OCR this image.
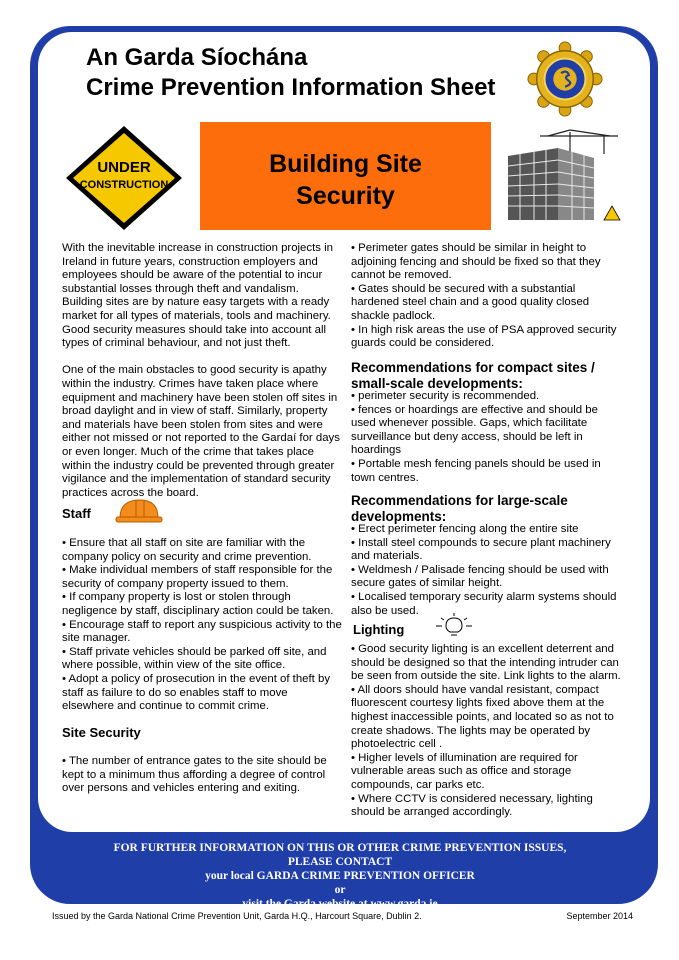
An Garda Síochána
Crime Prevention Information Sheet
UNDER
CONSTRUCTION
Building Site
Security

With the inevitable increase in construction projects in Ireland in future years, construction employers and employees should be aware of the potential to incur substantial losses through theft and vandalism. Building sites are by nature easy targets with a ready market for all types of materials, tools and machinery. Good security measures should take into account all types of criminal behaviour, and not just theft.

One of the main obstacles to good security is apathy within the industry. Crimes have taken place where equipment and machinery have been stolen off sites in broad daylight and in view of staff. Similarly, property and materials have been stolen from sites and were either not missed or not reported to the Gardaí for days or even longer. Much of the crime that takes place within the industry could be prevented through greater vigilance and the implementation of standard security practices across the board.

Staff

• Ensure that all staff on site are familiar with the company policy on security and crime prevention.

• Make individual members of staff responsible for the security of company property issued to them.

• If company property is lost or stolen through negligence by staff, disciplinary action could be taken.

• Encourage staff to report any suspicious activity to the site manager.

• Staff private vehicles should be parked off site, and where possible, within view of the site office.

• Adopt a policy of prosecution in the event of theft by staff as failure to do so enables staff to move elsewhere and continue to commit crime.

Site Security

• The number of entrance gates to the site should be kept to a minimum thus affording a degree of control over persons and vehicles entering and exiting.

• Perimeter gates should be similar in height to adjoining fencing and should be fixed so that they cannot be removed.

• Gates should be secured with a substantial hardened steel chain and a good quality closed shackle padlock.

• In high risk areas the use of PSA approved security guards could be considered.

Recommendations for compact sites / small-scale developments:

• perimeter security is recommended.

• fences or hoardings are effective and should be used whenever possible. Gaps, which facilitate surveillance but deny access, should be left in hoardings

• Portable mesh fencing panels should be used in town centres.

Recommendations for large-scale developments:

• Erect perimeter fencing along the entire site

• Install steel compounds to secure plant machinery and materials.

• Weldmesh / Palisade fencing should be used with secure gates of similar height.

• Localised temporary security alarm systems should also be used.

Lighting

• Good security lighting is an excellent deterrent and should be designed so that the intending intruder can be seen from outside the site. Link lights to the alarm.

• All doors should have vandal resistant, compact fluorescent courtesy lights fixed above them at the highest inaccessible points, and located so as not to create shadows. The lights may be operated by photoelectric cell .

• Higher levels of illumination are required for vulnerable areas such as office and storage compounds, car parks etc.

• Where CCTV is considered necessary, lighting should be arranged accordingly.

FOR FURTHER INFORMATION ON THIS OR OTHER CRIME PREVENTION ISSUES,
PLEASE CONTACT
your local GARDA CRIME PREVENTION OFFICER
or
visit the Garda website at www.garda.ie
Issued by the Garda National Crime Prevention Unit, Garda H.Q., Harcourt Square, Dublin 2.	September 2014
